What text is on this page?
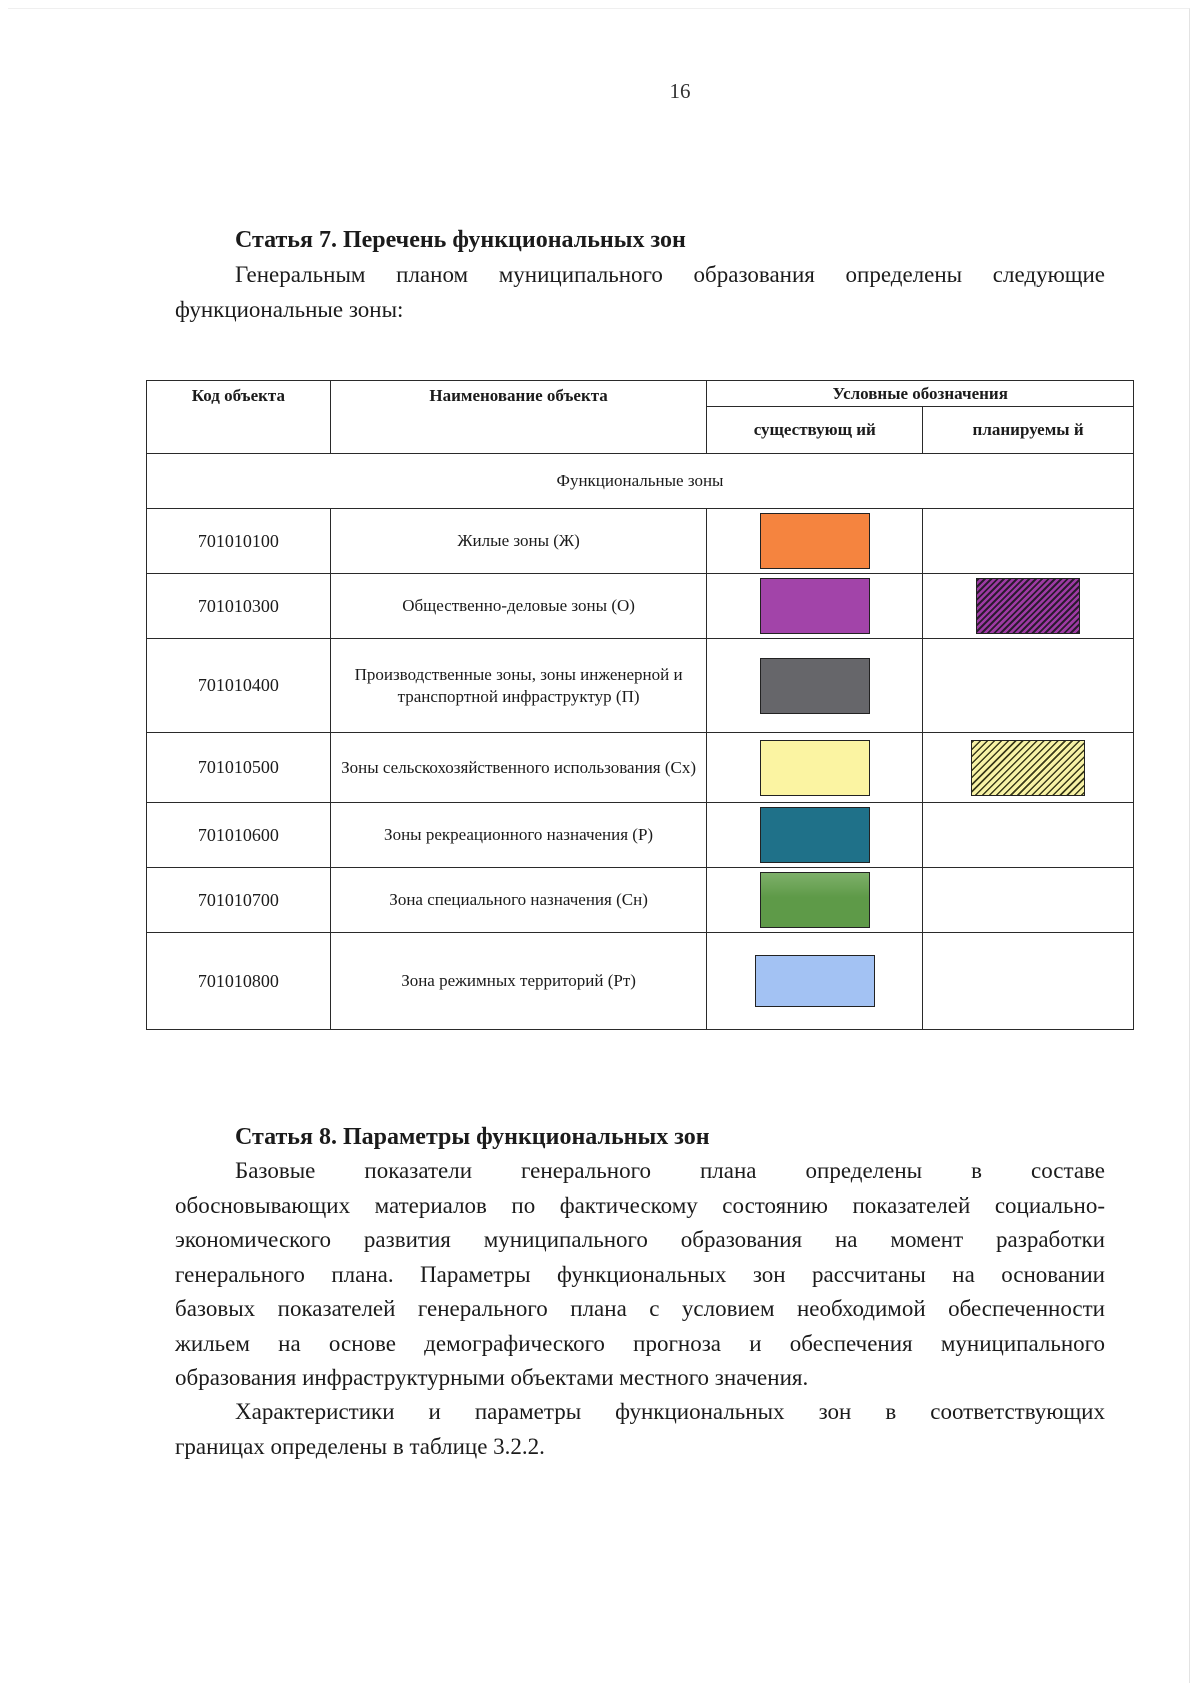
16
Статья 7. Перечень функциональных зон
Генеральным планом муниципального образования определены следующие
функциональные зоны:
Код объекта	Наименование объекта	Условные обозначения	
		существующ ий	планируемы й
Функциональные зоны			
701010100	Жилые зоны (Ж)		
701010300	Общественно-деловые зоны (О)		
701010400	Производственные зоны, зоны инженерной и транспортной инфраструктур (П)		
701010500	Зоны сельскохозяйственного использования (Сх)		
701010600	Зоны рекреационного назначения (Р)		
701010700	Зона специального назначения (Сн)		
701010800	Зона режимных территорий (Рт)		
Статья 8. Параметры функциональных зон
Базовые показатели генерального плана определены в составе
обосновывающих материалов по фактическому состоянию показателей социально-
экономического развития муниципального образования на момент разработки
генерального плана. Параметры функциональных зон рассчитаны на основании
базовых показателей генерального плана с условием необходимой обеспеченности
жильем на основе демографического прогноза и обеспечения муниципального
образования инфраструктурными объектами местного значения.
Характеристики и параметры функциональных зон в соответствующих
границах определены в таблице 3.2.2.
